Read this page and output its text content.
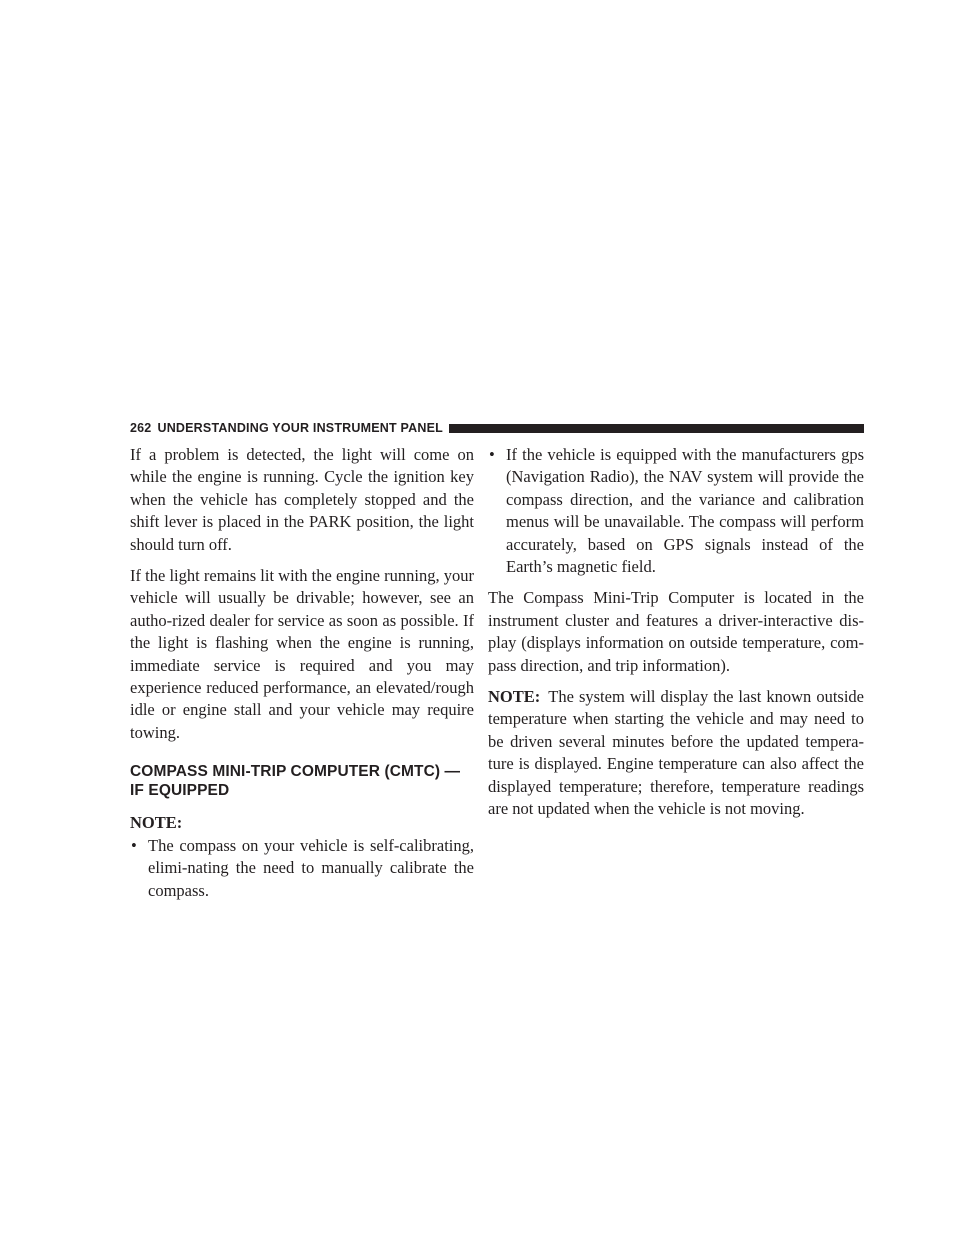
262 UNDERSTANDING YOUR INSTRUMENT PANEL

If a problem is detected, the light will come on while the engine is running. Cycle the ignition key when the vehicle has completely stopped and the shift lever is placed in the PARK position, the light should turn off.

If the light remains lit with the engine running, your vehicle will usually be drivable; however, see an autho-rized dealer for service as soon as possible. If the light is flashing when the engine is running, immediate service is required and you may experience reduced performance, an elevated/rough idle or engine stall and your vehicle may require towing.

COMPASS MINI-TRIP COMPUTER (CMTC) — IF EQUIPPED
NOTE:
• The compass on your vehicle is self-calibrating, elimi-nating the need to manually calibrate the compass.
• If the vehicle is equipped with the manufacturers gps (Navigation Radio), the NAV system will provide the compass direction, and the variance and calibration menus will be unavailable. The compass will perform accurately, based on GPS signals instead of the Earth’s magnetic field.

The Compass Mini-Trip Computer is located in the instrument cluster and features a driver-interactive dis-play (displays information on outside temperature, com-pass direction, and trip information).

NOTE: The system will display the last known outside temperature when starting the vehicle and may need to be driven several minutes before the updated tempera-ture is displayed. Engine temperature can also affect the displayed temperature; therefore, temperature readings are not updated when the vehicle is not moving.
